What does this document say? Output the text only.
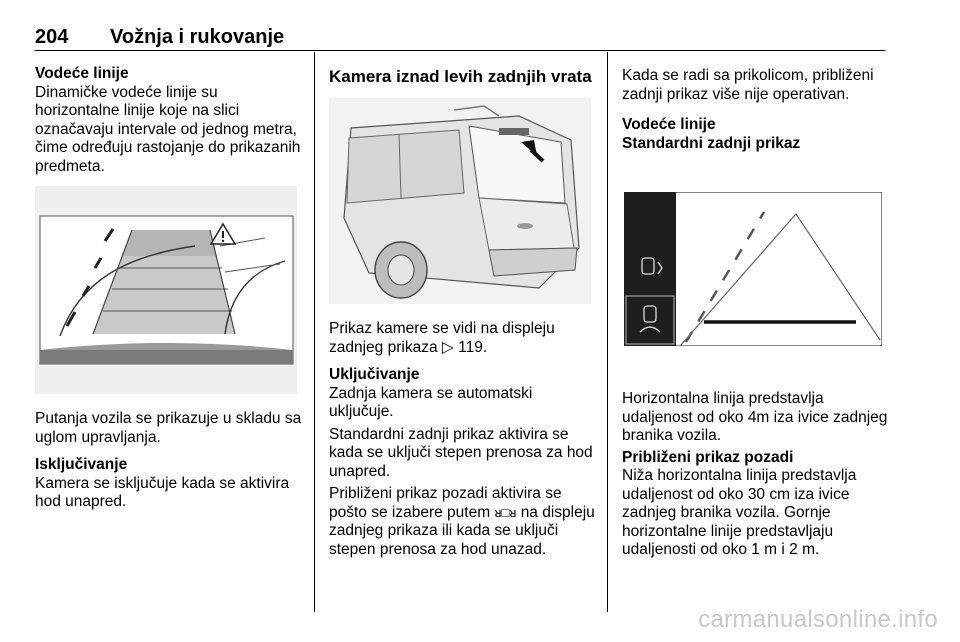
204 Vožnja i rukovanje
Vodeće linije

Dinamičke vodeće linije su horizontalne linije koje na slici označavaju intervale od jednog metra, čime određuju rastojanje do prikazanih predmeta.

Putanja vozila se prikazuje u skladu sa uglom upravljanja.

Isključivanje

Kamera se isključuje kada se aktivira hod unapred.

Kamera iznad levih zadnjih vrata

Prikaz kamere se vidi na displeju zadnjeg prikaza ▷ 119.

Uključivanje

Zadnja kamera se automatski uključuje.

Standardni zadnji prikaz aktivira se kada se uključi stepen prenosa za hod unapred.

Približeni prikaz pozadi aktivira se pošto se izabere putem ᴚ□ᴚ na displeju zadnjeg prikaza ili kada se uključi stepen prenosa za hod unazad.

Kada se radi sa prikolicom, približeni zadnji prikaz više nije operativan.

Vodeće linije
Standardni zadnji prikaz

Horizontalna linija predstavlja udaljenost od oko 4m iza ivice zadnjeg branika vozila.

Približeni prikaz pozadi

Niža horizontalna linija predstavlja udaljenost od oko 30 cm iza ivice zadnjeg branika vozila. Gornje horizontalne linije predstavljaju udaljenosti od oko 1 m i 2 m.

carmanualsonline.info
